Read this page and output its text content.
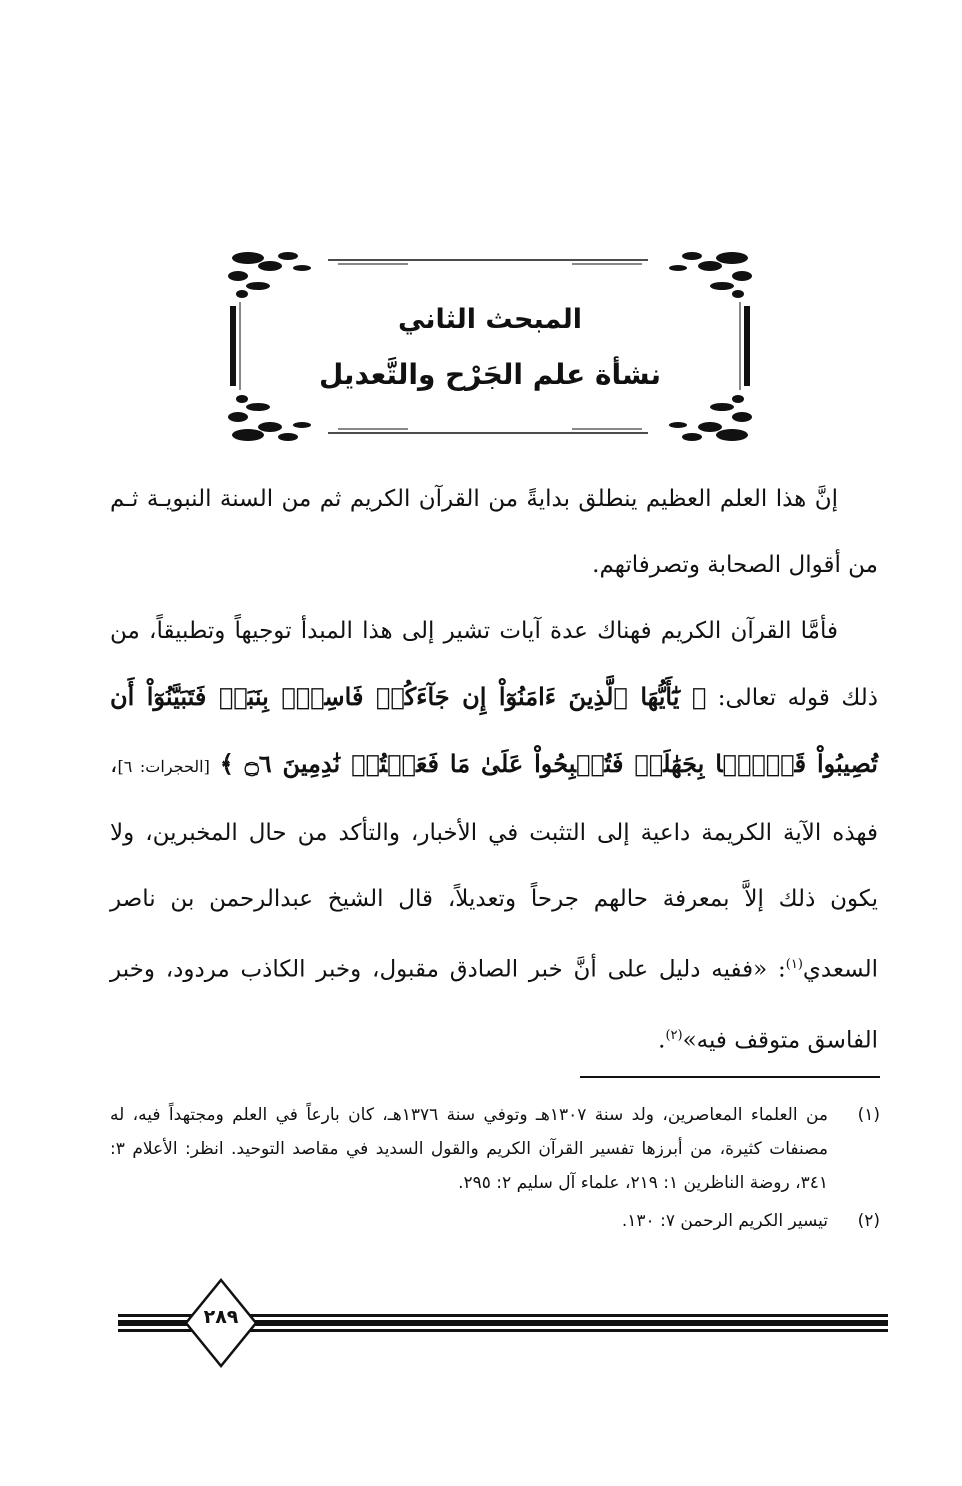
المبحث الثاني
نشأة علم الجَرْح والتَّعديل

إنَّ هذا العلم العظيم ينطلق بدايةً من القرآن الكريم ثم من السنة النبويـة ثـم من أقوال الصحابة وتصرفاتهم.

فأمَّا القرآن الكريم فهناك عدة آيات تشير إلى هذا المبدأ توجيهاً وتطبيقاً، من ذلك قوله تعالى: ﴿ يَٰٓأَيُّهَا ٱلَّذِينَ ءَامَنُوٓاْ إِن جَآءَكُمۡ فَاسِقُۢ بِنَبَإٖ فَتَبَيَّنُوٓاْ أَن تُصِيبُواْ قَوۡمَۢا بِجَهَٰلَةٖ فَتُصۡبِحُواْ عَلَىٰ مَا فَعَلۡتُمۡ نَٰدِمِينَ ۝٦ ﴾ [الحجرات: ٦]، فهذه الآية الكريمة داعية إلى التثبت في الأخبار، والتأكد من حال المخبرين، ولا يكون ذلك إلاَّ بمعرفة حالهم جرحاً وتعديلاً، قال الشيخ عبدالرحمن بن ناصر السعدي$^{(١)}$: «ففيه دليل على أنَّ خبر الصادق مقبول، وخبر الكاذب مردود، وخبر الفاسق متوقف فيه»$^{(٢)}$.

(١)
من العلماء المعاصرين، ولد سنة ١٣٠٧هـ وتوفي سنة ١٣٧٦هـ، كان بارعاً في العلم ومجتهداً فيه، له مصنفات كثيرة، من أبرزها تفسير القرآن الكريم والقول السديد في مقاصد التوحيد. انظر: الأعلام ٣: ٣٤١، روضة الناظرين ١: ٢١٩، علماء آل سليم ٢: ٢٩٥.
(٢)
تيسير الكريم الرحمن ٧: ١٣٠.
٢٨٩
